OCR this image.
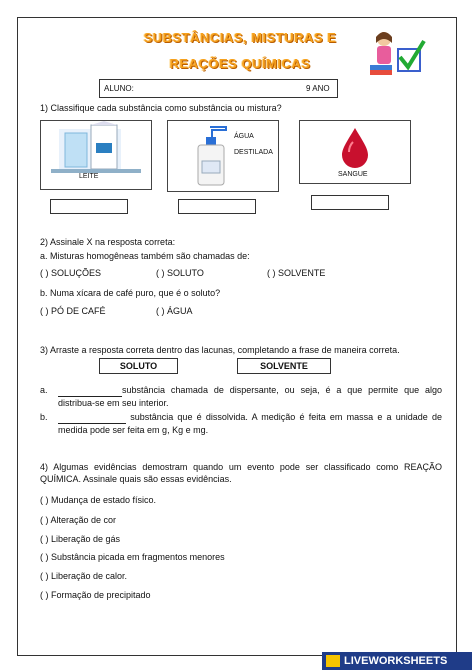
SUBSTÂNCIAS, MISTURAS E
REAÇÕES QUÍMICAS
ALUNO:	9 ANO
1) Classifique cada substância como substância ou mistura?
LEITE
ÁGUA
DESTILADA
SANGUE
2) Assinale X na resposta correta:
a. Misturas homogêneas também são chamadas de:
( ) SOLUÇÕES	( ) SOLUTO	( ) SOLVENTE
b. Numa xícara de café puro, que é o soluto?
( ) PÓ DE CAFÉ	( ) ÁGUA
3) Arraste a resposta correta dentro das lacunas, completando a frase de maneira correta.
SOLUTO	SOLVENTE
a.	substância chamada de dispersante, ou seja, é a que permite que algo distribua-se em seu interior.
b.	substância que é dissolvida. A medição é feita em massa e a unidade de medida pode ser feita em g, Kg e mg.
4) Algumas evidências demostram quando um evento pode ser classificado como REAÇÃO QUÍMICA. Assinale quais são essas evidências.
( ) Mudança de estado físico.
( ) Alteração de cor
( ) Liberação de gás
( ) Substância picada em fragmentos menores
( ) Liberação de calor.
( ) Formação de precipitado
LIVEWORKSHEETS
